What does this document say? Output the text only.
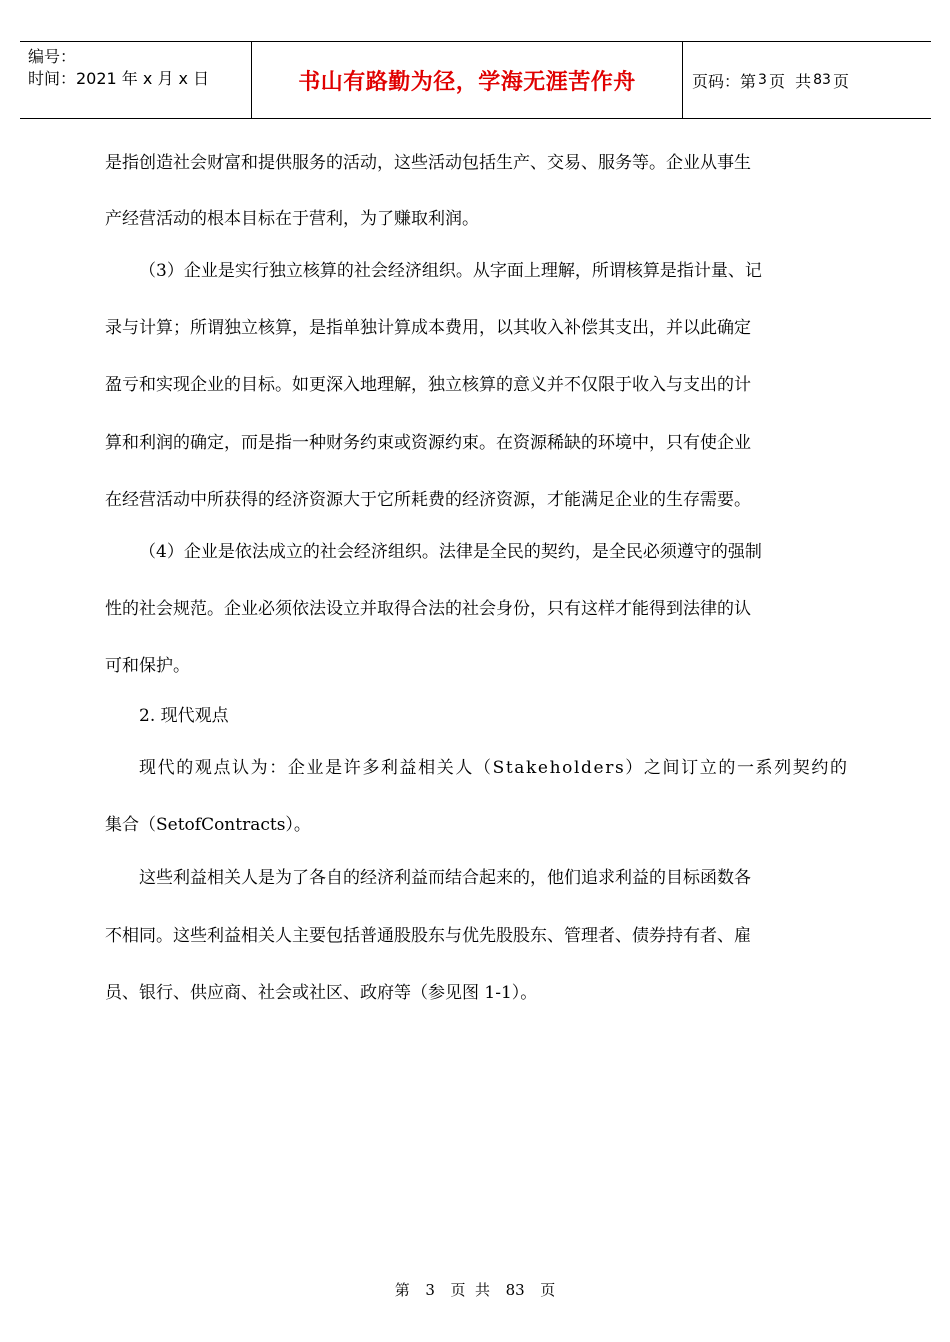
编号：
时间：2021 年 x 月 x 日	书山有路勤为径，学海无涯苦作舟	页码：第 3 页  共 83 页
是指创造社会财富和提供服务的活动，这些活动包括生产、交易、服务等。企业从事生
产经营活动的根本目标在于营利，为了赚取利润。
（3）企业是实行独立核算的社会经济组织。从字面上理解，所谓核算是指计量、记
录与计算；所谓独立核算，是指单独计算成本费用，以其收入补偿其支出，并以此确定
盈亏和实现企业的目标。如更深入地理解，独立核算的意义并不仅限于收入与支出的计
算和利润的确定，而是指一种财务约束或资源约束。在资源稀缺的环境中，只有使企业
在经营活动中所获得的经济资源大于它所耗费的经济资源，才能满足企业的生存需要。
（4）企业是依法成立的社会经济组织。法律是全民的契约，是全民必须遵守的强制
性的社会规范。企业必须依法设立并取得合法的社会身份，只有这样才能得到法律的认
可和保护。
2. 现代观点
现代的观点认为：企业是许多利益相关人（Stakeholders）之间订立的一系列契约的
集合（SetofContracts）。
这些利益相关人是为了各自的经济利益而结合起来的，他们追求利益的目标函数各
不相同。这些利益相关人主要包括普通股股东与优先股股东、管理者、债券持有者、雇
员、银行、供应商、社会或社区、政府等（参见图 1-1）。
第 3 页  共 83 页
